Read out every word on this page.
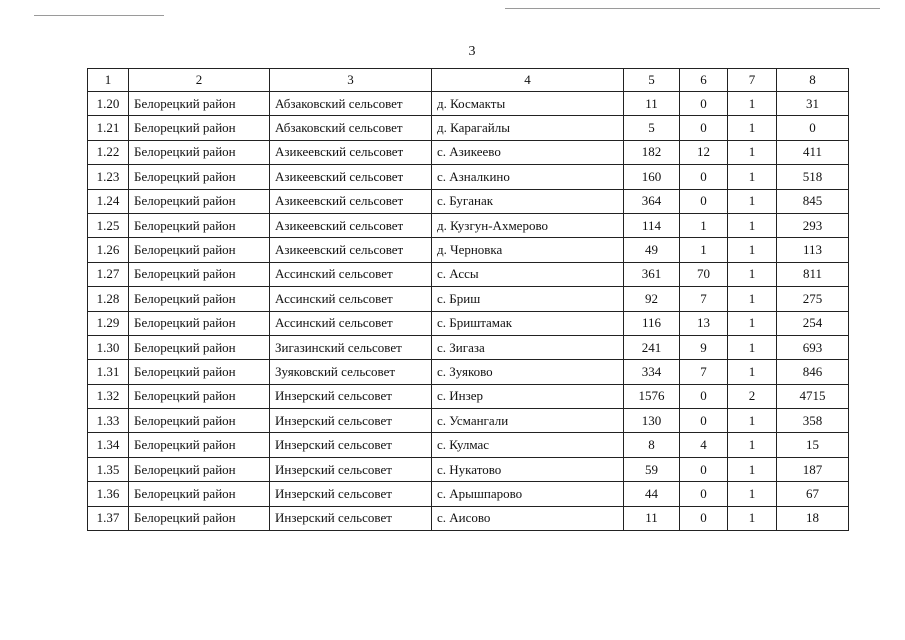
3
1	2	3	4	5	6	7	8
1.20	Белорецкий район	Абзаковский сельсовет	д. Космакты	11	0	1	31
1.21	Белорецкий район	Абзаковский сельсовет	д. Карагайлы	5	0	1	0
1.22	Белорецкий район	Азикеевский сельсовет	с. Азикеево	182	12	1	411
1.23	Белорецкий район	Азикеевский сельсовет	с. Азналкино	160	0	1	518
1.24	Белорецкий район	Азикеевский сельсовет	с. Буганак	364	0	1	845
1.25	Белорецкий район	Азикеевский сельсовет	д. Кузгун-Ахмерово	114	1	1	293
1.26	Белорецкий район	Азикеевский сельсовет	д. Черновка	49	1	1	113
1.27	Белорецкий район	Ассинский сельсовет	с. Ассы	361	70	1	811
1.28	Белорецкий район	Ассинский сельсовет	с. Бриш	92	7	1	275
1.29	Белорецкий район	Ассинский сельсовет	с. Бриштамак	116	13	1	254
1.30	Белорецкий район	Зигазинский сельсовет	с. Зигаза	241	9	1	693
1.31	Белорецкий район	Зуяковский сельсовет	с. Зуяково	334	7	1	846
1.32	Белорецкий район	Инзерский сельсовет	с. Инзер	1576	0	2	4715
1.33	Белорецкий район	Инзерский сельсовет	с. Усмангали	130	0	1	358
1.34	Белорецкий район	Инзерский сельсовет	с. Кулмас	8	4	1	15
1.35	Белорецкий район	Инзерский сельсовет	с. Нукатово	59	0	1	187
1.36	Белорецкий район	Инзерский сельсовет	с. Арышпарово	44	0	1	67
1.37	Белорецкий район	Инзерский сельсовет	с. Аисово	11	0	1	18
